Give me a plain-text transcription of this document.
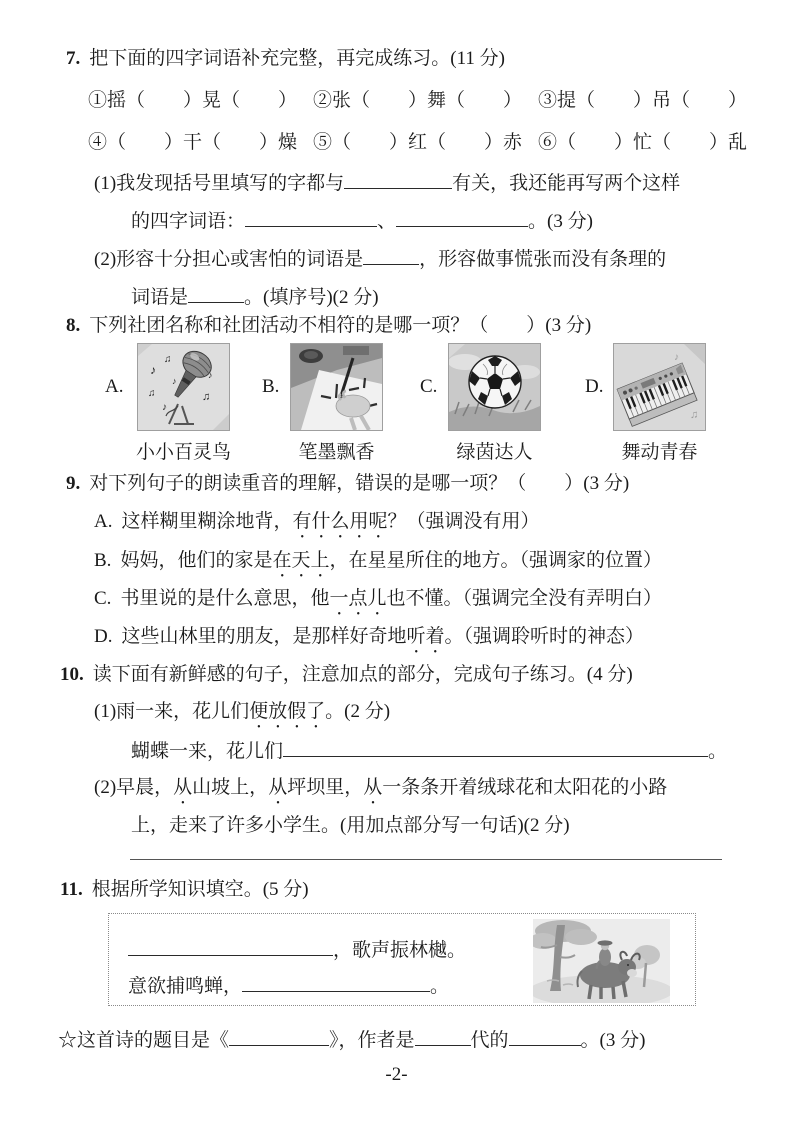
7. 把下面的四字词语补充完整，再完成练习。(11 分)
①摇（　　）晃（　　） ②张（　　）舞（　　） ③提（　　）吊（　　）
④（　　）干（　　）燥 ⑤（　　）红（　　）赤 ⑥（　　）忙（　　）乱
(1)我发现括号里填写的字都与	有关，我还能再写两个这样
的四字词语：	、	。(3 分)
(2)形容十分担心或害怕的词语是	，形容做事慌张而没有条理的
词语是	。(填序号)(2 分)
8. 下列社团名称和社团活动不相符的是哪一项？（　　）(3 分)
A.
♪
♫
♫
♪
♫
♪
♪	B.	C.	D.
♪
♫
小小百灵鸟	笔墨飘香	绿茵达人	舞动青春
9. 对下列句子的朗读重音的理解，错误的是哪一项？（　　）(3 分)
A. 这样糊里糊涂地背，有什么用呢？（强调没有用）
B. 妈妈，他们的家是在天上，在星星所住的地方。（强调家的位置）
C. 书里说的是什么意思，他一点儿也不懂。（强调完全没有弄明白）
D. 这些山林里的朋友，是那样好奇地听着。（强调聆听时的神态）
10. 读下面有新鲜感的句子，注意加点的部分，完成句子练习。(4 分)
(1)雨一来，花儿们便放假了。(2 分)
蝴蝶一来，花儿们	。
(2)早晨，从山坡上，从坪坝里，从一条条开着绒球花和太阳花的小路
上，走来了许多小学生。(用加点部分写一句话)(2 分)
11. 根据所学知识填空。(5 分)
，歌声振林樾。
意欲捕鸣蝉，	。
☆这首诗的题目是《	》，作者是	代的	。(3 分)
-2-
